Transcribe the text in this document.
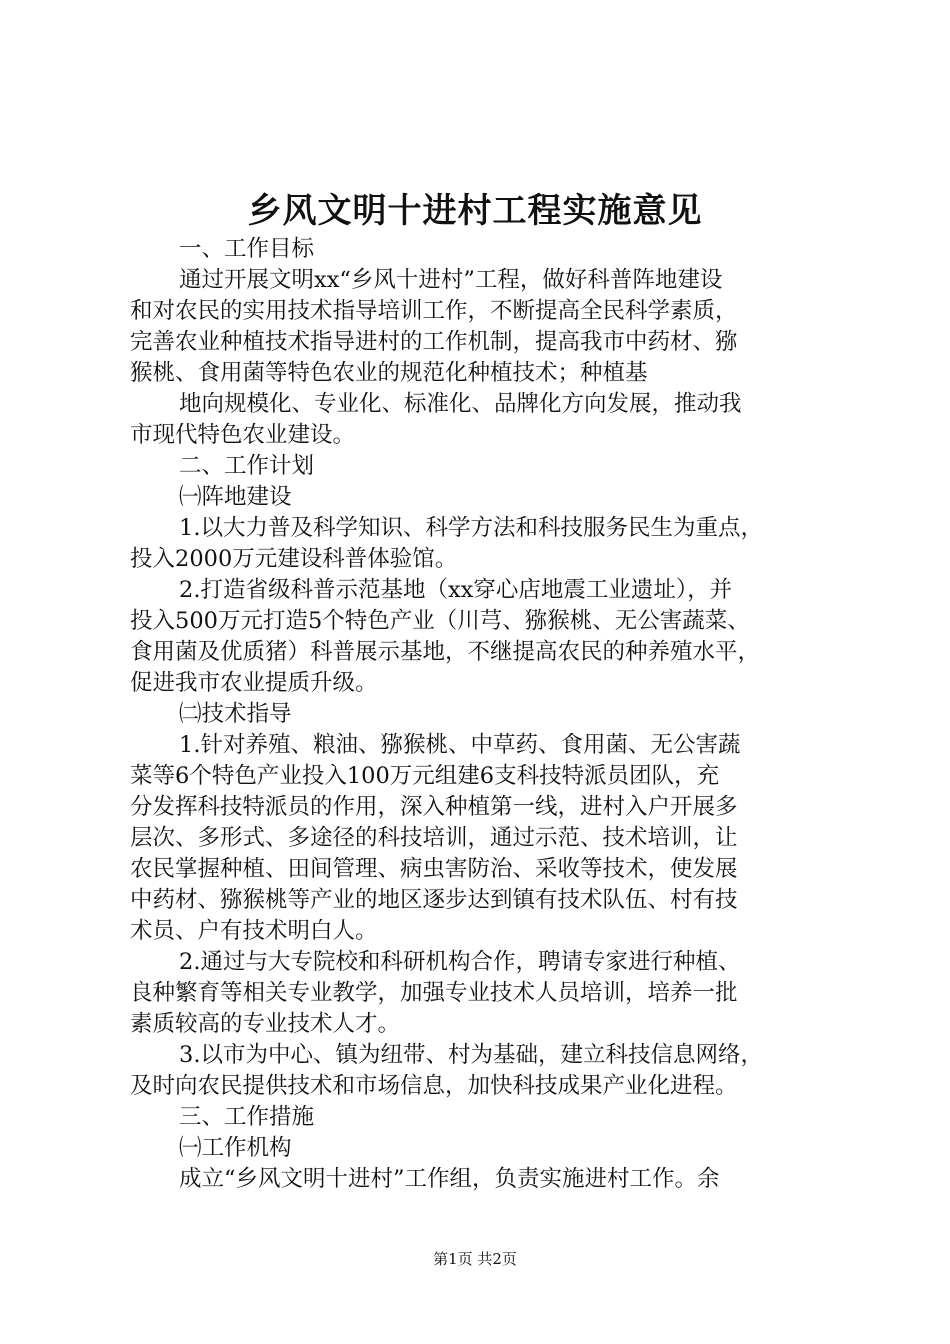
乡风文明十进村工程实施意见
一、工作目标
通过开展文明xx“乡风十进村”工程，做好科普阵地建设
和对农民的实用技术指导培训工作，不断提高全民科学素质，
完善农业种植技术指导进村的工作机制，提高我市中药材、猕
猴桃、食用菌等特色农业的规范化种植技术；种植基
地向规模化、专业化、标准化、品牌化方向发展，推动我
市现代特色农业建设。
二、工作计划
㈠阵地建设
1.以大力普及科学知识、科学方法和科技服务民生为重点，
投入2000万元建设科普体验馆。
2.打造省级科普示范基地（xx穿心店地震工业遗址），并
投入500万元打造5个特色产业（川芎、猕猴桃、无公害蔬菜、
食用菌及优质猪）科普展示基地，不继提高农民的种养殖水平，
促进我市农业提质升级。
㈡技术指导
1.针对养殖、粮油、猕猴桃、中草药、食用菌、无公害蔬
菜等6个特色产业投入100万元组建6支科技特派员团队，充
分发挥科技特派员的作用，深入种植第一线，进村入户开展多
层次、多形式、多途径的科技培训，通过示范、技术培训，让
农民掌握种植、田间管理、病虫害防治、采收等技术，使发展
中药材、猕猴桃等产业的地区逐步达到镇有技术队伍、村有技
术员、户有技术明白人。
2.通过与大专院校和科研机构合作，聘请专家进行种植、
良种繁育等相关专业教学，加强专业技术人员培训，培养一批
素质较高的专业技术人才。
3.以市为中心、镇为纽带、村为基础，建立科技信息网络，
及时向农民提供技术和市场信息，加快科技成果产业化进程。
三、工作措施
㈠工作机构
成立“乡风文明十进村”工作组，负责实施进村工作。余
第1页 共2页
